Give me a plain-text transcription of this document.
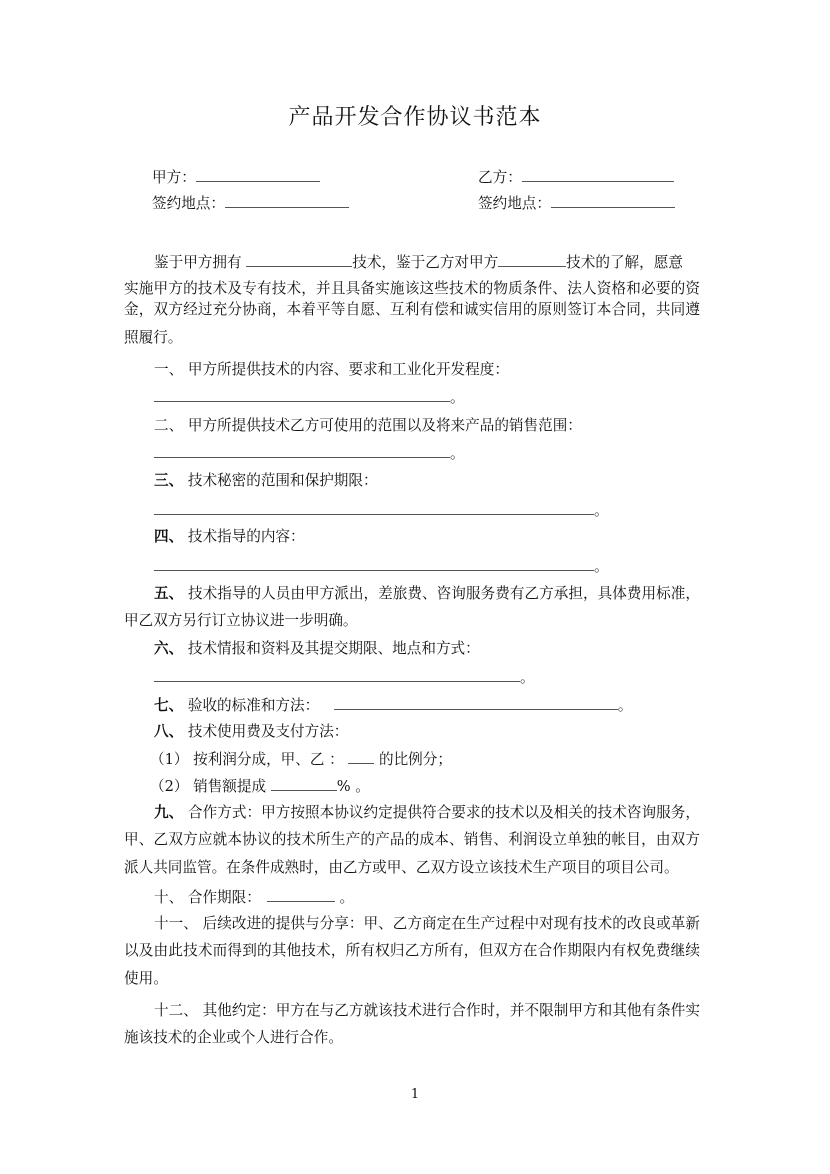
产品开发合作协议书范本
甲方：	乙方：
签约地点：	签约地点：
鉴于甲方拥有	技术，鉴于乙方对甲方	技术的了解，愿意
实施甲方的技术及专有技术，并且具备实施该这些技术的物质条件、法人资格和必要的资
金，双方经过充分协商，本着平等自愿、互利有偿和诚实信用的原则签订本合同，共同遵
照履行。
一、 甲方所提供技术的内容、要求和工业化开发程度：
。
二、 甲方所提供技术乙方可使用的范围以及将来产品的销售范围：
。
三、 技术秘密的范围和保护期限：
。
四、 技术指导的内容：
。
五、 技术指导的人员由甲方派出，差旅费、咨询服务费有乙方承担，具体费用标准，
甲乙双方另行订立协议进一步明确。
六、 技术情报和资料及其提交期限、地点和方式：
。
七、 验收的标准和方法：	。
八、 技术使用费及支付方法：
（1） 按利润分成，甲、乙 ： 的比例分；
（2） 销售额提成	% 。
九、 合作方式：甲方按照本协议约定提供符合要求的技术以及相关的技术咨询服务，
甲、乙双方应就本协议的技术所生产的产品的成本、销售、利润设立单独的帐目，由双方
派人共同监管。在条件成熟时，由乙方或甲、乙双方设立该技术生产项目的项目公司。
十、 合作期限：	。
十一、 后续改进的提供与分享：甲、乙方商定在生产过程中对现有技术的改良或革新
以及由此技术而得到的其他技术，所有权归乙方所有，但双方在合作期限内有权免费继续
使用。
十二、 其他约定：甲方在与乙方就该技术进行合作时，并不限制甲方和其他有条件实
施该技术的企业或个人进行合作。
1
